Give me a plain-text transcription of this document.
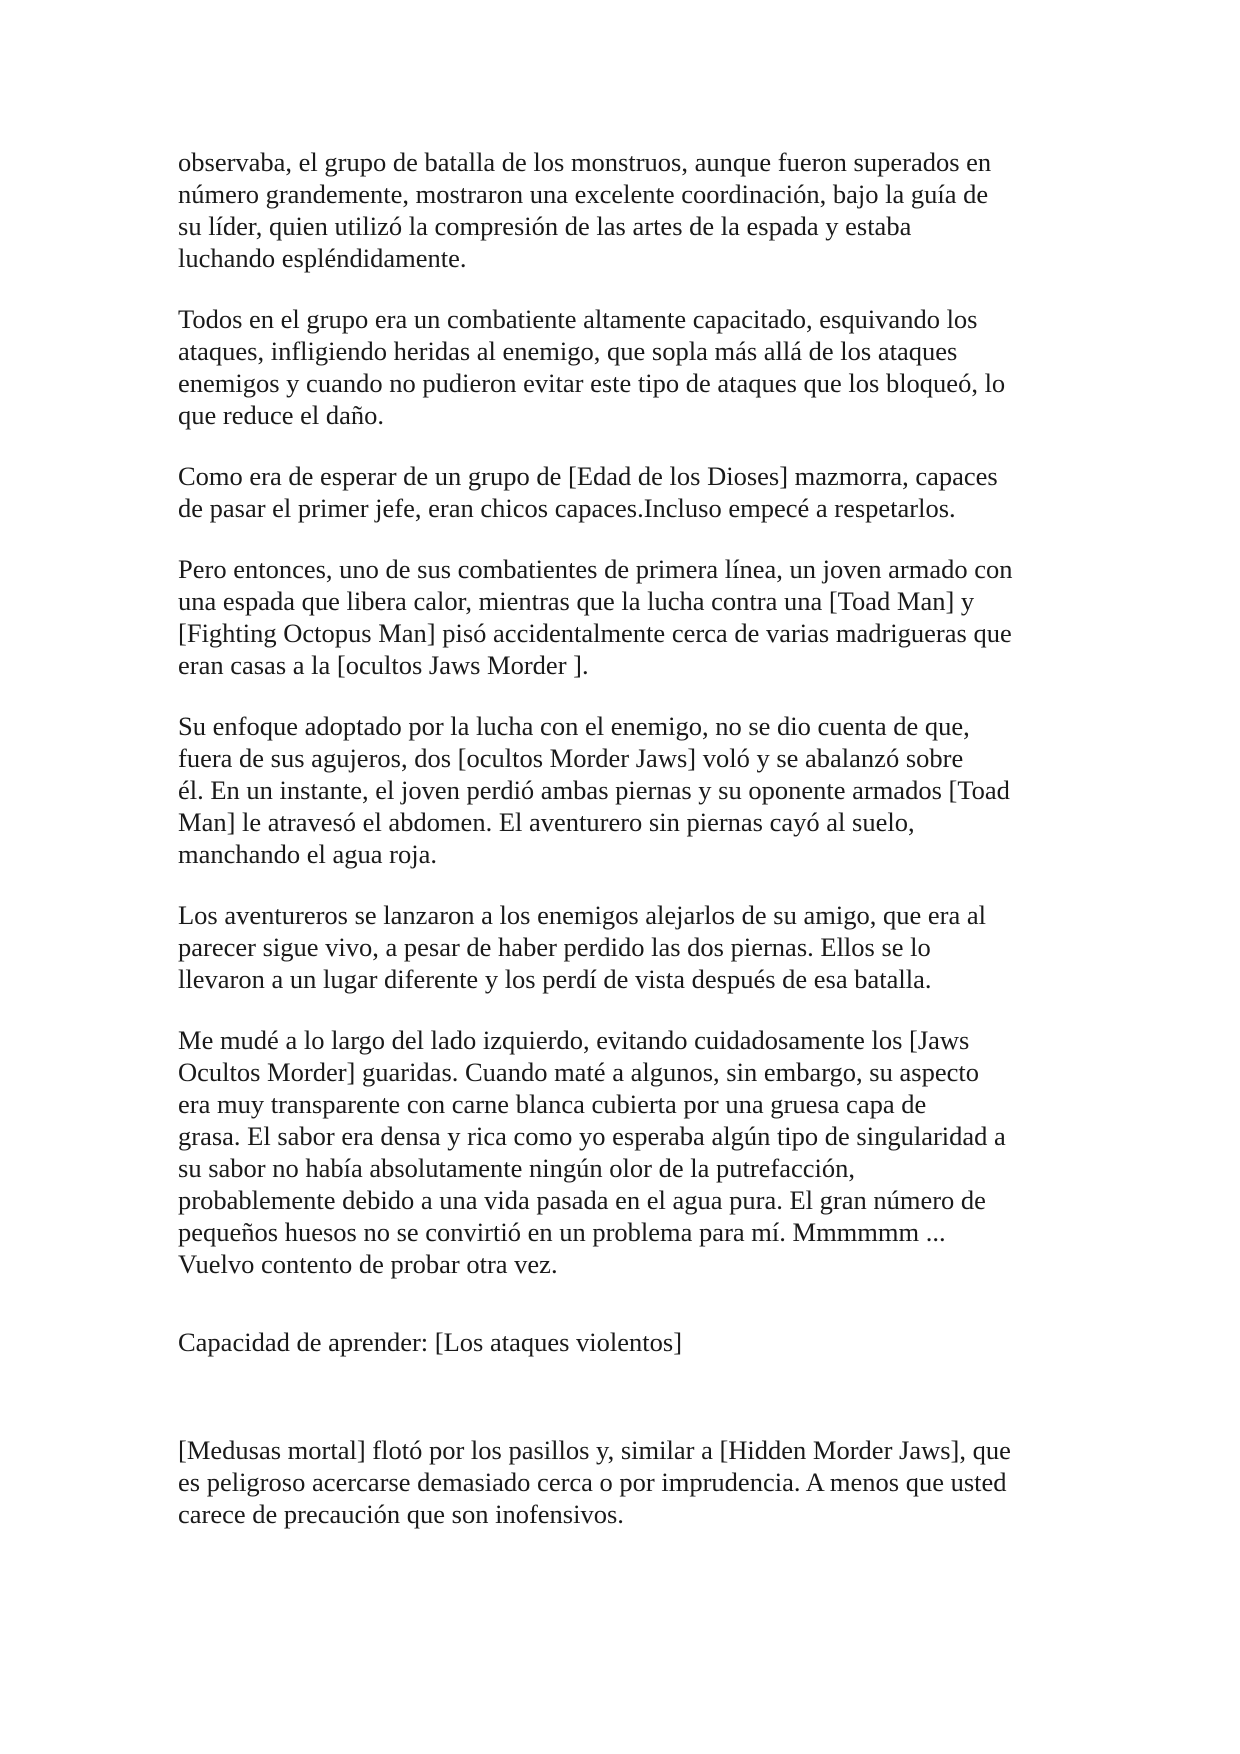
observaba, el grupo de batalla de los monstruos, aunque fueron superados en
número grandemente, mostraron una excelente coordinación, bajo la guía de
su líder, quien utilizó la compresión de las artes de la espada y estaba
luchando espléndidamente.
Todos en el grupo era un combatiente altamente capacitado, esquivando los
ataques, infligiendo heridas al enemigo, que sopla más allá de los ataques
enemigos y cuando no pudieron evitar este tipo de ataques que los bloqueó, lo
que reduce el daño.
Como era de esperar de un grupo de [Edad de los Dioses] mazmorra, capaces
de pasar el primer jefe, eran chicos capaces.Incluso empecé a respetarlos.
Pero entonces, uno de sus combatientes de primera línea, un joven armado con
una espada que libera calor, mientras que la lucha contra una [Toad Man] y
[Fighting Octopus Man] pisó accidentalmente cerca de varias madrigueras que
eran casas a la [ocultos Jaws Morder ].
Su enfoque adoptado por la lucha con el enemigo, no se dio cuenta de que,
fuera de sus agujeros, dos [ocultos Morder Jaws] voló y se abalanzó sobre
él. En un instante, el joven perdió ambas piernas y su oponente armados [Toad
Man] le atravesó el abdomen. El aventurero sin piernas cayó al suelo,
manchando el agua roja.
Los aventureros se lanzaron a los enemigos alejarlos de su amigo, que era al
parecer sigue vivo, a pesar de haber perdido las dos piernas. Ellos se lo
llevaron a un lugar diferente y los perdí de vista después de esa batalla.
Me mudé a lo largo del lado izquierdo, evitando cuidadosamente los [Jaws
Ocultos Morder] guaridas. Cuando maté a algunos, sin embargo, su aspecto
era muy transparente con carne blanca cubierta por una gruesa capa de
grasa. El sabor era densa y rica como yo esperaba algún tipo de singularidad a
su sabor no había absolutamente ningún olor de la putrefacción,
probablemente debido a una vida pasada en el agua pura. El gran número de
pequeños huesos no se convirtió en un problema para mí. Mmmmmm ...
Vuelvo contento de probar otra vez.
Capacidad de aprender: [Los ataques violentos]
[Medusas mortal] flotó por los pasillos y, similar a [Hidden Morder Jaws], que
es peligroso acercarse demasiado cerca o por imprudencia. A menos que usted
carece de precaución que son inofensivos.
